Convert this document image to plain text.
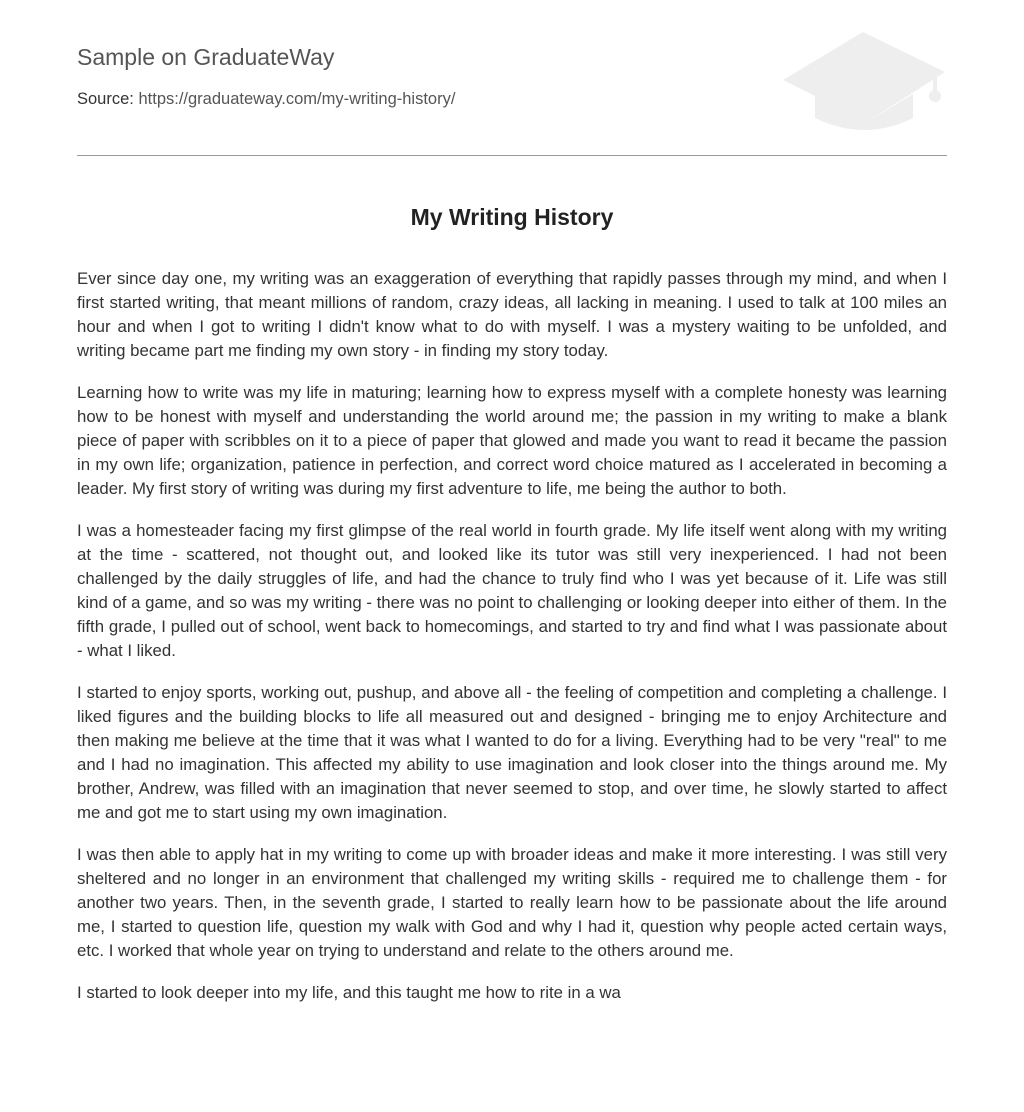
Sample on GraduateWay
Source: https://graduateway.com/my-writing-history/
My Writing History

Ever since day one, my writing was an exaggeration of everything that rapidly passes through my mind, and when I first started writing, that meant millions of random, crazy ideas, all lacking in meaning. I used to talk at 100 miles an hour and when I got to writing I didn't know what to do with myself. I was a mystery waiting to be unfolded, and writing became part me finding my own story - in finding my story today.

Learning how to write was my life in maturing; learning how to express myself with a complete honesty was learning how to be honest with myself and understanding the world around me; the passion in my writing to make a blank piece of paper with scribbles on it to a piece of paper that glowed and made you want to read it became the passion in my own life; organization, patience in perfection, and correct word choice matured as I accelerated in becoming a leader. My first story of writing was during my first adventure to life, me being the author to both.

I was a homesteader facing my first glimpse of the real world in fourth grade. My life itself went along with my writing at the time - scattered, not thought out, and looked like its tutor was still very inexperienced. I had not been challenged by the daily struggles of life, and had the chance to truly find who I was yet because of it. Life was still kind of a game, and so was my writing - there was no point to challenging or looking deeper into either of them. In the fifth grade, I pulled out of school, went back to homecomings, and started to try and find what I was passionate about - what I liked.

I started to enjoy sports, working out, pushup, and above all - the feeling of competition and completing a challenge. I liked figures and the building blocks to life all measured out and designed - bringing me to enjoy Architecture and then making me believe at the time that it was what I wanted to do for a living. Everything had to be very "real" to me and I had no imagination. This affected my ability to use imagination and look closer into the things around me. My brother, Andrew, was filled with an imagination that never seemed to stop, and over time, he slowly started to affect me and got me to start using my own imagination.

I was then able to apply hat in my writing to come up with broader ideas and make it more interesting. I was still very sheltered and no longer in an environment that challenged my writing skills - required me to challenge them - for another two years. Then, in the seventh grade, I started to really learn how to be passionate about the life around me, I started to question life, question my walk with God and why I had it, question why people acted certain ways, etc. I worked that whole year on trying to understand and relate to the others around me.

I started to look deeper into my life, and this taught me how to rite in a wa
